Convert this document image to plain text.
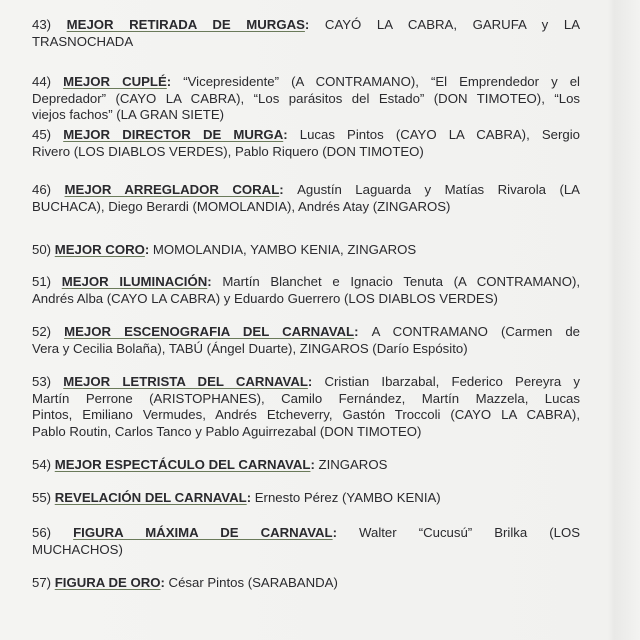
43) MEJOR RETIRADA DE MURGAS: CAYÓ LA CABRA, GARUFA y LA
TRASNOCHADA
44) MEJOR CUPLÉ: “Vicepresidente” (A CONTRAMANO), “El Emprendedor y el
Depredador” (CAYO LA CABRA), “Los parásitos del Estado” (DON TIMOTEO), “Los
viejos fachos” (LA GRAN SIETE)
45) MEJOR DIRECTOR DE MURGA: Lucas Pintos (CAYO LA CABRA), Sergio
Rivero (LOS DIABLOS VERDES), Pablo Riquero (DON TIMOTEO)
46) MEJOR ARREGLADOR CORAL: Agustín Laguarda y Matías Rivarola (LA
BUCHACA), Diego Berardi (MOMOLANDIA), Andrés Atay (ZINGAROS)
50) MEJOR CORO: MOMOLANDIA, YAMBO KENIA, ZINGAROS
51) MEJOR ILUMINACIÓN: Martín Blanchet e Ignacio Tenuta (A CONTRAMANO),
Andrés Alba (CAYO LA CABRA) y Eduardo Guerrero (LOS DIABLOS VERDES)
52) MEJOR ESCENOGRAFIA DEL CARNAVAL: A CONTRAMANO (Carmen de
Vera y Cecilia Bolaña), TABÚ (Ángel Duarte), ZINGAROS (Darío Espósito)
53) MEJOR LETRISTA DEL CARNAVAL: Cristian Ibarzabal, Federico Pereyra y
Martín Perrone (ARISTOPHANES), Camilo Fernández, Martín Mazzela, Lucas
Pintos, Emiliano Vermudes, Andrés Etcheverry, Gastón Troccoli (CAYO LA CABRA),
Pablo Routin, Carlos Tanco y Pablo Aguirrezabal (DON TIMOTEO)
54) MEJOR ESPECTÁCULO DEL CARNAVAL: ZINGAROS
55) REVELACIÓN DEL CARNAVAL: Ernesto Pérez (YAMBO KENIA)
56) FIGURA MÁXIMA DE CARNAVAL: Walter “Cucusú” Brilka (LOS
MUCHACHOS)
57) FIGURA DE ORO: César Pintos (SARABANDA)
